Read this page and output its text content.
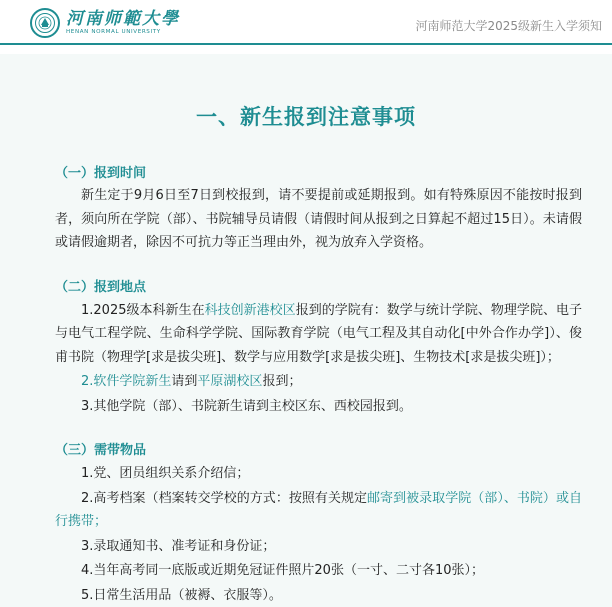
河南师範大學
HENAN NORMAL UNIVERSITY	河南师范大学2025级新生入学须知
一、新生报到注意事项
（一）报到时间

新生定于9月6日至7日到校报到，请不要提前或延期报到。如有特殊原因不能按时报到者，须向所在学院（部）、书院辅导员请假（请假时间从报到之日算起不超过15日）。未请假或请假逾期者，除因不可抗力等正当理由外，视为放弃入学资格。

（二）报到地点

1.2025级本科新生在科技创新港校区报到的学院有：数学与统计学院、物理学院、电子与电气工程学院、生命科学学院、国际教育学院（电气工程及其自动化[中外合作办学]）、俊甫书院（物理学[求是拔尖班]、数学与应用数学[求是拔尖班]、生物技术[求是拔尖班]）；

2.软件学院新生请到平原湖校区报到；

3.其他学院（部）、书院新生请到主校区东、西校园报到。

（三）需带物品

1.党、团员组织关系介绍信；

2.高考档案（档案转交学校的方式：按照有关规定邮寄到被录取学院（部）、书院）或自行携带；

3.录取通知书、准考证和身份证；

4.当年高考同一底版或近期免冠证件照片20张（一寸、二寸各10张）；

5.日常生活用品（被褥、衣服等）。
